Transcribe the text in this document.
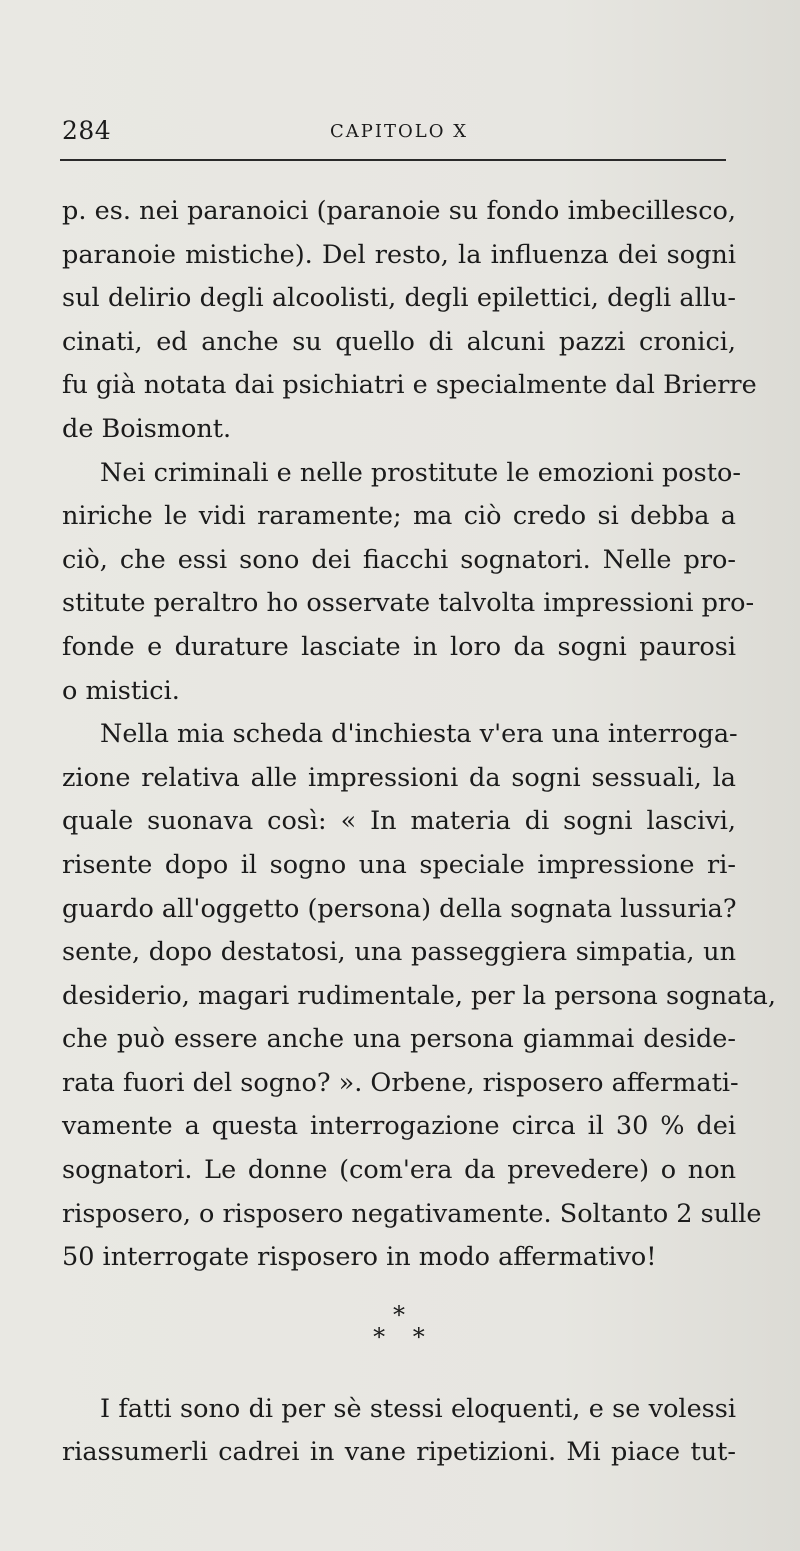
284	CAPITOLO X
p. es. nei paranoici (paranoie su fondo imbecillesco,
paranoie mistiche). Del resto, la influenza dei sogni
sul delirio degli alcoolisti, degli epilettici, degli allu-
cinati, ed anche su quello di alcuni pazzi cronici,
fu già notata dai psichiatri e specialmente dal Brierre
de Boismont.
Nei criminali e nelle prostitute le emozioni posto-
niriche le vidi raramente; ma ciò credo si debba a
ciò, che essi sono dei fiacchi sognatori. Nelle pro-
stitute peraltro ho osservate talvolta impressioni pro-
fonde e durature lasciate in loro da sogni paurosi
o mistici.
Nella mia scheda d'inchiesta v'era una interroga-
zione relativa alle impressioni da sogni sessuali, la
quale suonava così: « In materia di sogni lascivi,
risente dopo il sogno una speciale impressione ri-
guardo all'oggetto (persona) della sognata lussuria?
sente, dopo destatosi, una passeggiera simpatia, un
desiderio, magari rudimentale, per la persona sognata,
che può essere anche una persona giammai deside-
rata fuori del sogno? ». Orbene, risposero affermati-
vamente a questa interrogazione circa il 30 % dei
sognatori. Le donne (com'era da prevedere) o non
risposero, o risposero negativamente. Soltanto 2 sulle
50 interrogate risposero in modo affermativo!
*
* *
I fatti sono di per sè stessi eloquenti, e se volessi
riassumerli cadrei in vane ripetizioni. Mi piace tut-
